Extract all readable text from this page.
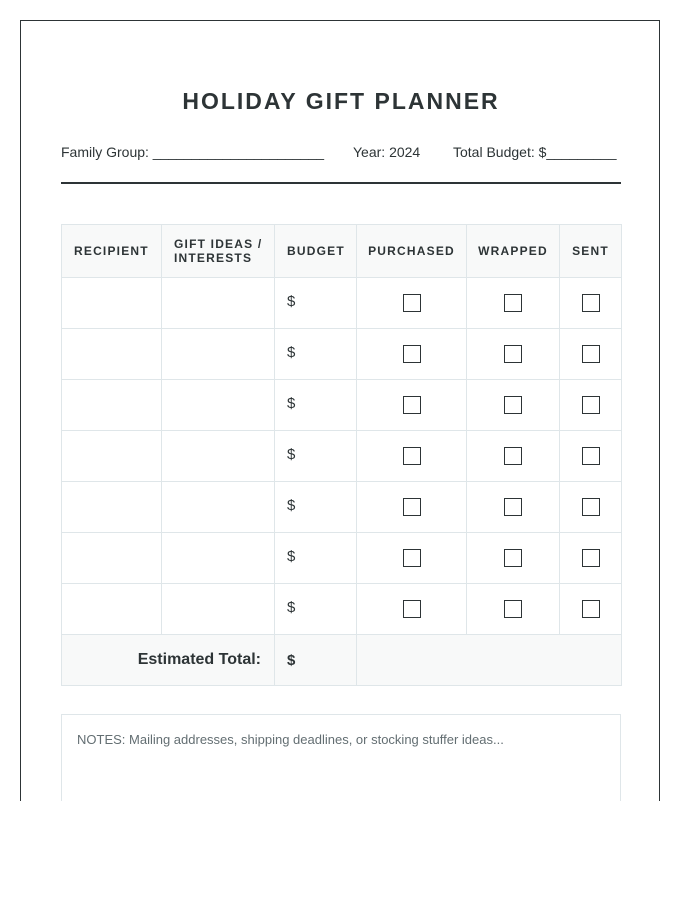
HOLIDAY GIFT PLANNER
Family Group: ______________________ Year: 2024 Total Budget: $_________
RECIPIENT	GIFT IDEAS / INTERESTS	BUDGET	PURCHASED	WRAPPED	SENT
		$			
		$			
		$			
		$			
		$			
		$			
		$			
Estimated Total:		$			
NOTES: Mailing addresses, shipping deadlines, or stocking stuffer ideas...
